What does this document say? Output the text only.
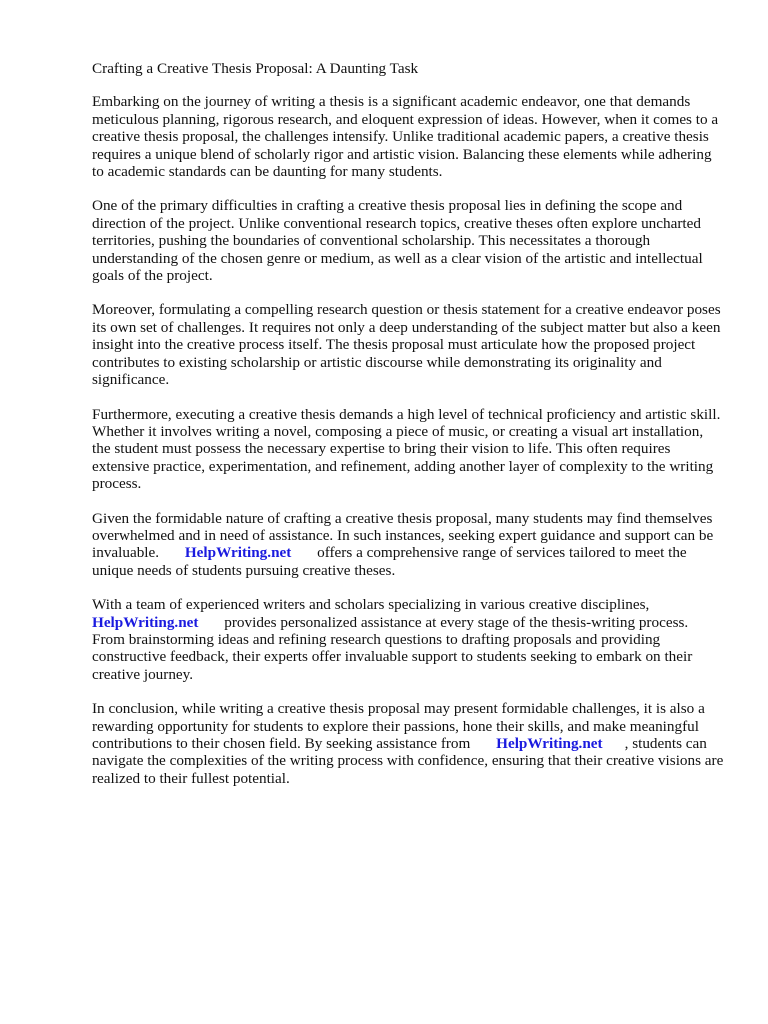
Crafting a Creative Thesis Proposal: A Daunting Task

Embarking on the journey of writing a thesis is a significant academic endeavor, one that demands meticulous planning, rigorous research, and eloquent expression of ideas. However, when it comes to a creative thesis proposal, the challenges intensify. Unlike traditional academic papers, a creative thesis requires a unique blend of scholarly rigor and artistic vision. Balancing these elements while adhering to academic standards can be daunting for many students.

One of the primary difficulties in crafting a creative thesis proposal lies in defining the scope and direction of the project. Unlike conventional research topics, creative theses often explore uncharted territories, pushing the boundaries of conventional scholarship. This necessitates a thorough understanding of the chosen genre or medium, as well as a clear vision of the artistic and intellectual goals of the project.

Moreover, formulating a compelling research question or thesis statement for a creative endeavor poses its own set of challenges. It requires not only a deep understanding of the subject matter but also a keen insight into the creative process itself. The thesis proposal must articulate how the proposed project contributes to existing scholarship or artistic discourse while demonstrating its originality and significance.

Furthermore, executing a creative thesis demands a high level of technical proficiency and artistic skill. Whether it involves writing a novel, composing a piece of music, or creating a visual art installation, the student must possess the necessary expertise to bring their vision to life. This often requires extensive practice, experimentation, and refinement, adding another layer of complexity to the writing process.

Given the formidable nature of crafting a creative thesis proposal, many students may find themselves overwhelmed and in need of assistance. In such instances, seeking expert guidance and support can be invaluable. HelpWriting.net offers a comprehensive range of services tailored to meet the unique needs of students pursuing creative theses.

With a team of experienced writers and scholars specializing in various creative disciplines, HelpWriting.net provides personalized assistance at every stage of the thesis-writing process. From brainstorming ideas and refining research questions to drafting proposals and providing constructive feedback, their experts offer invaluable support to students seeking to embark on their creative journey.

In conclusion, while writing a creative thesis proposal may present formidable challenges, it is also a rewarding opportunity for students to explore their passions, hone their skills, and make meaningful contributions to their chosen field. By seeking assistance from HelpWriting.net , students can navigate the complexities of the writing process with confidence, ensuring that their creative visions are realized to their fullest potential.
